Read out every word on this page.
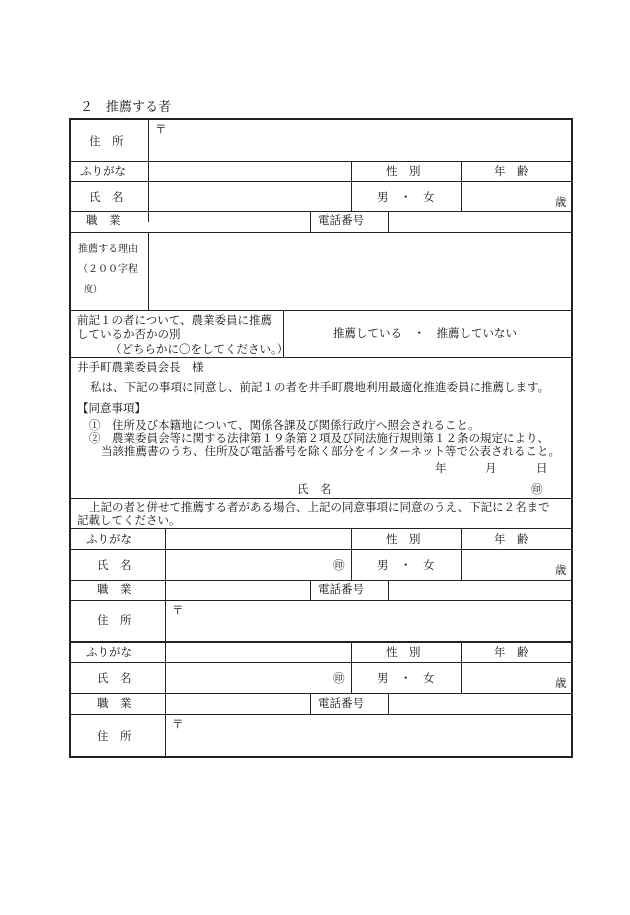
２　推薦する者
住　所
〒
ふりがな	性　別	年　齢
氏　名	男　・　女	歳
職　業	電話番号
推薦する理由
（２００字程
度）
前記１の者について、農業委員に推薦
しているか否かの別
（どちらかに〇をしてください。）
推薦している　・　推薦していない
井手町農業委員会長　様
私は、下記の事項に同意し、前記１の者を井手町農地利用最適化推進委員に推薦します。
【同意事項】
①　住所及び本籍地について、関係各課及び関係行政庁へ照会されること。
②　農業委員会等に関する法律第１９条第２項及び同法施行規則第１２条の規定により、
当該推薦書のうち、住所及び電話番号を除く部分をインターネット等で公表されること。
年	月	日
氏　名	㊞
上記の者と併せて推薦する者がある場合、上記の同意事項に同意のうえ、下記に２名まで
記載してください。
ふりがな	性　別	年　齢
氏　名	㊞	男　・　女	歳
職　業	電話番号
住　所
〒
ふりがな	性　別	年　齢
氏　名	㊞	男　・　女	歳
職　業	電話番号
住　所
〒
